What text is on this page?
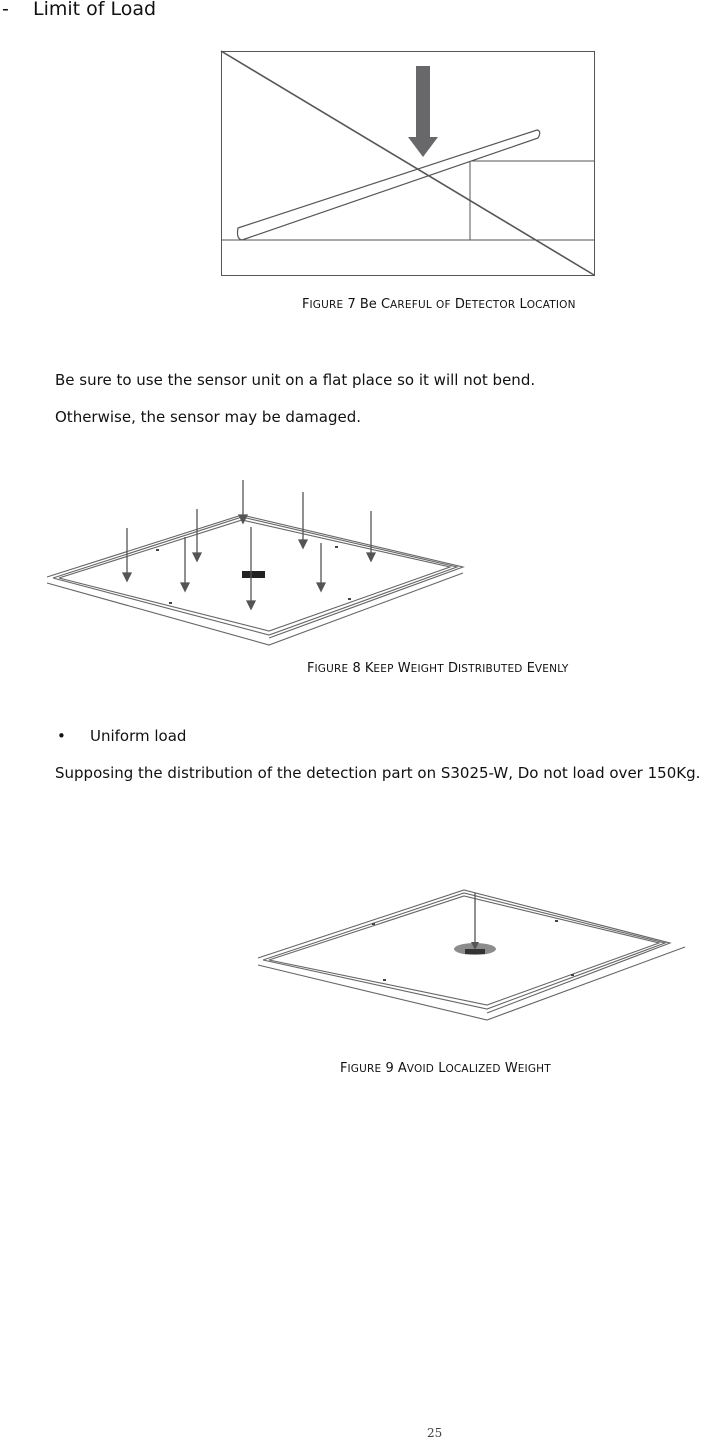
- Limit of Load
FIGURE 7 Be CAREFUL OF DETECTOR LOCATION
Be sure to use the sensor unit on a flat place so it will not bend.
Otherwise, the sensor may be damaged.
FIGURE 8 KEEP WEIGHT DISTRIBUTED EVENLY
• Uniform load
Supposing the distribution of the detection part on S3025-W, Do not load over 150Kg.
FIGURE 9 AVOID LOCALIZED WEIGHT
25
